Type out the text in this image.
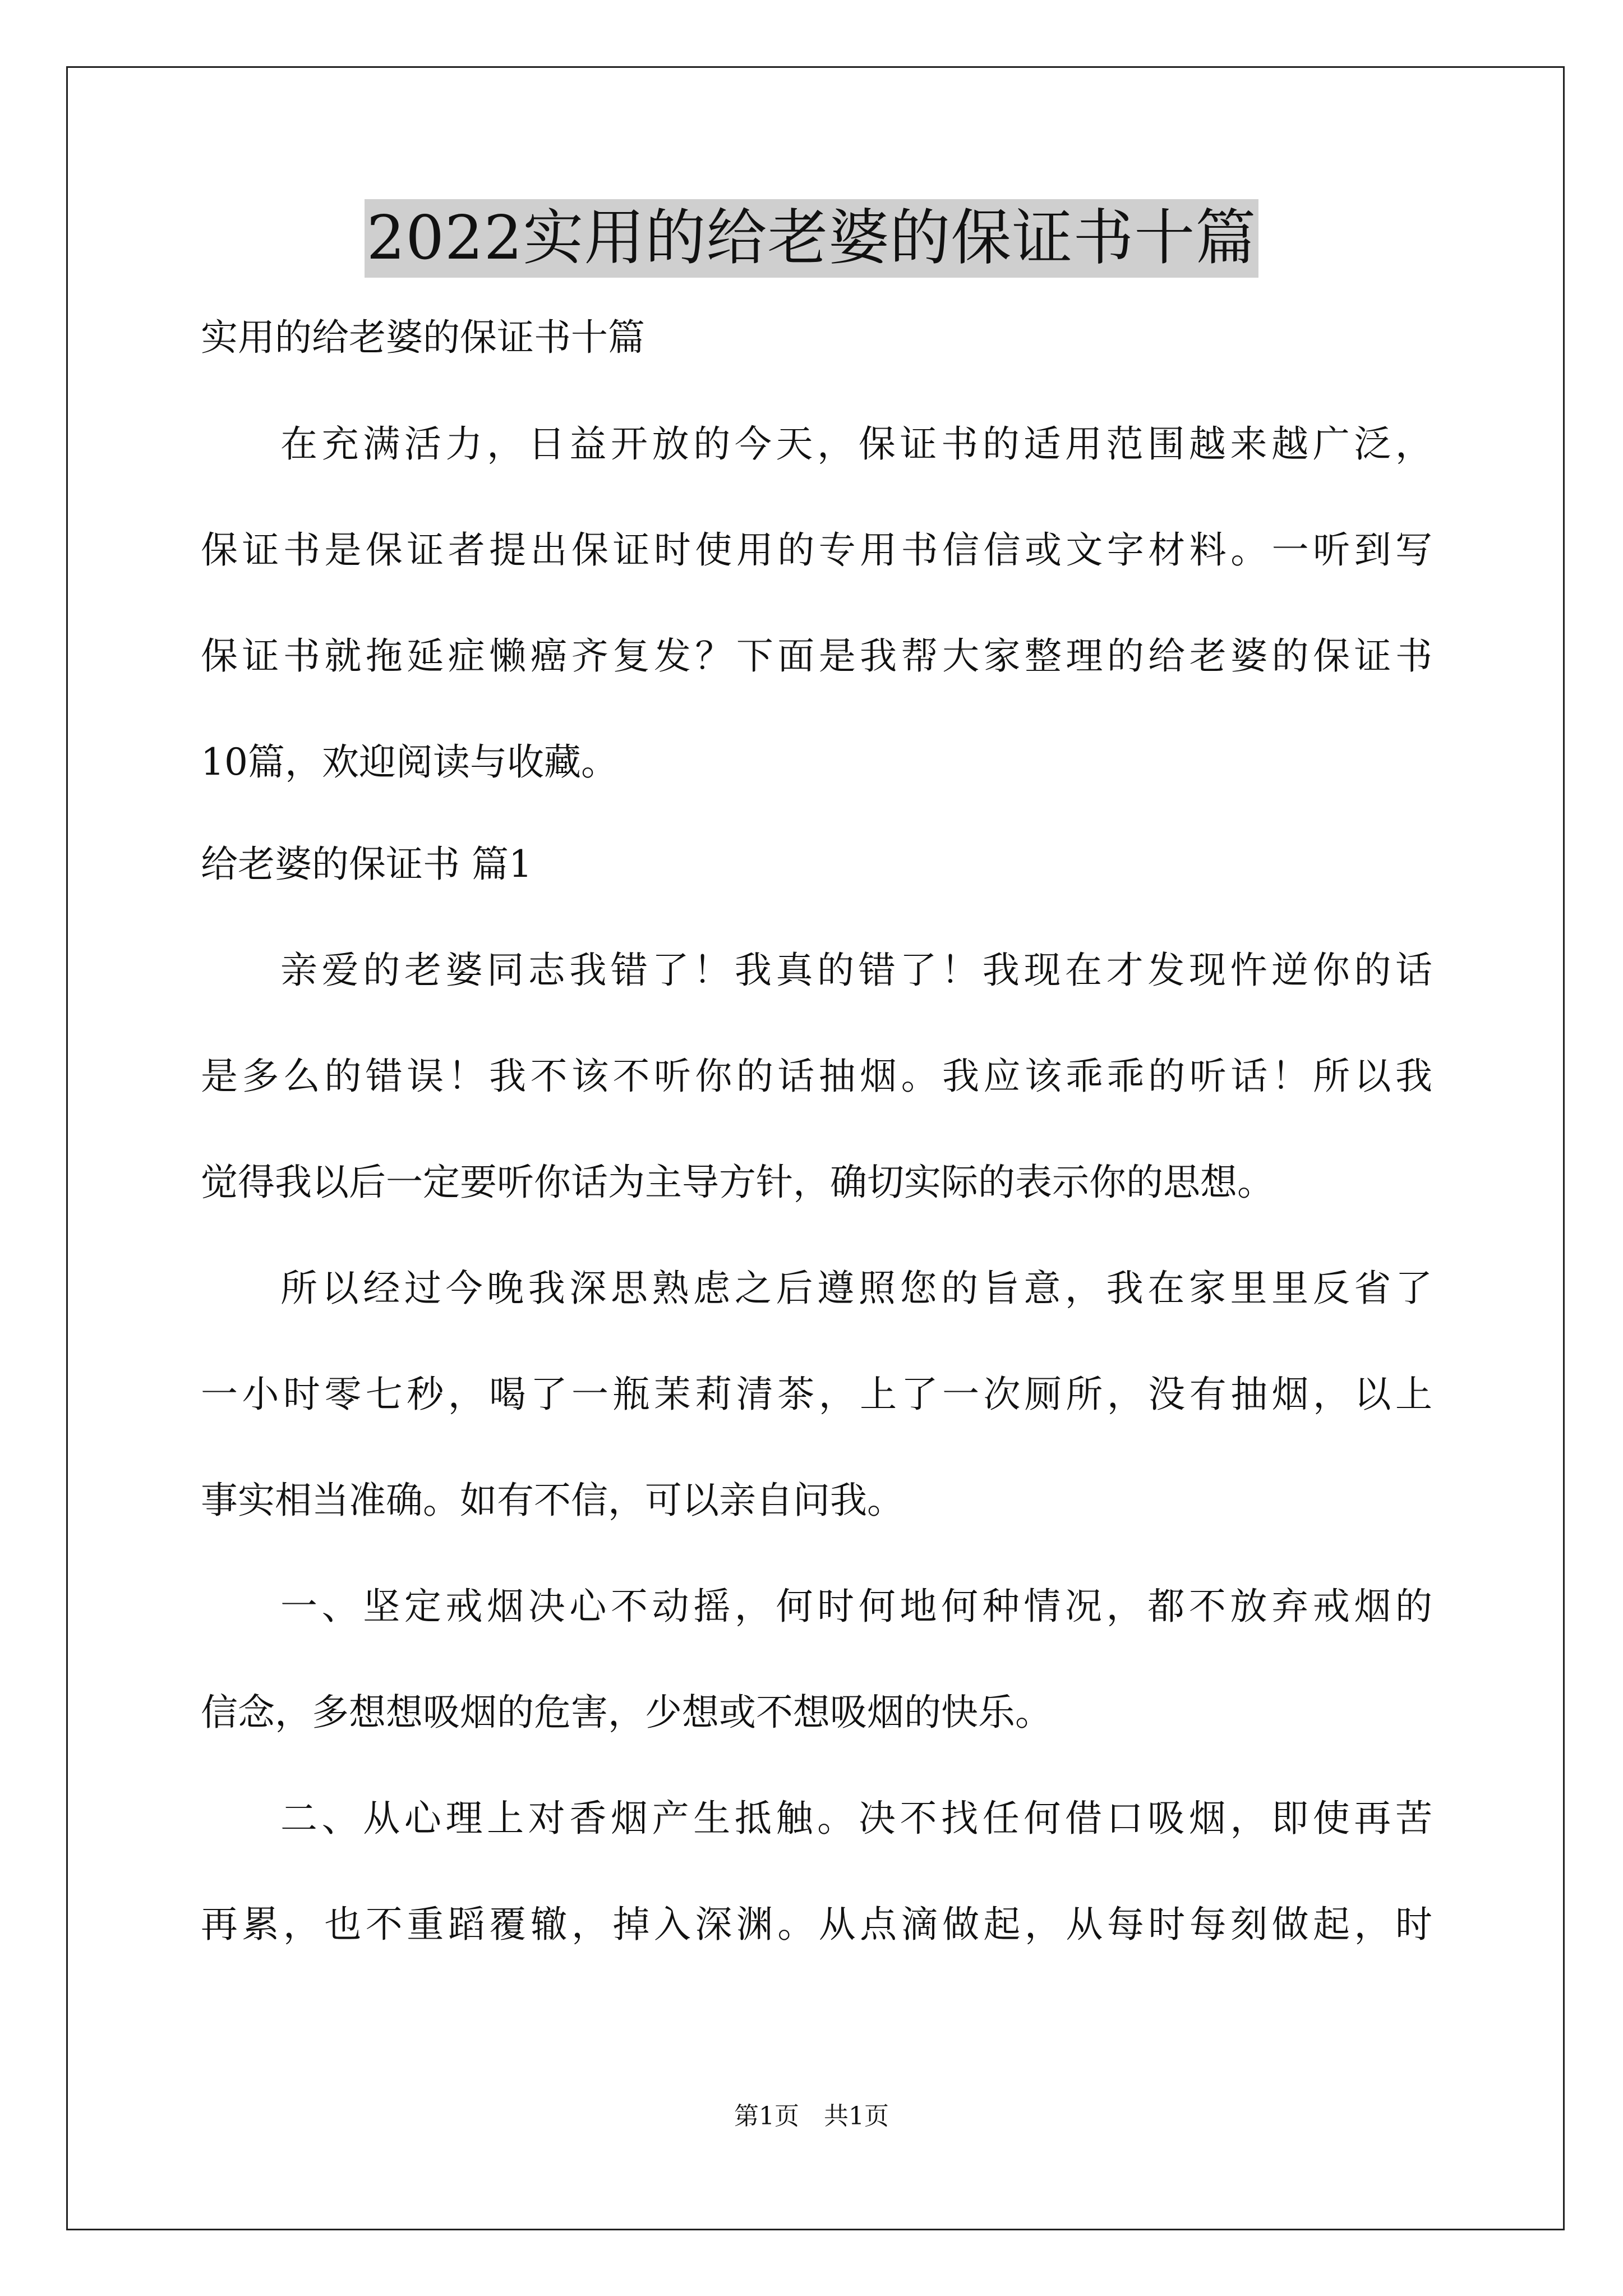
2022实用的给老婆的保证书十篇
实用的给老婆的保证书十篇
在充满活力，日益开放的今天，保证书的适用范围越来越广泛，
保证书是保证者提出保证时使用的专用书信信或文字材料。一听到写
保证书就拖延症懒癌齐复发？下面是我帮大家整理的给老婆的保证书
10篇，欢迎阅读与收藏。
给老婆的保证书 篇1
亲爱的老婆同志我错了！我真的错了！我现在才发现忤逆你的话
是多么的错误！我不该不听你的话抽烟。我应该乖乖的听话！所以我
觉得我以后一定要听你话为主导方针，确切实际的表示你的思想。
所以经过今晚我深思熟虑之后遵照您的旨意，我在家里里反省了
一小时零七秒，喝了一瓶茉莉清茶，上了一次厕所，没有抽烟，以上
事实相当准确。如有不信，可以亲自问我。
一、坚定戒烟决心不动摇，何时何地何种情况，都不放弃戒烟的
信念，多想想吸烟的危害，少想或不想吸烟的快乐。
二、从心理上对香烟产生抵触。决不找任何借口吸烟，即使再苦
再累，也不重蹈覆辙，掉入深渊。从点滴做起，从每时每刻做起，时
第1页　共1页
